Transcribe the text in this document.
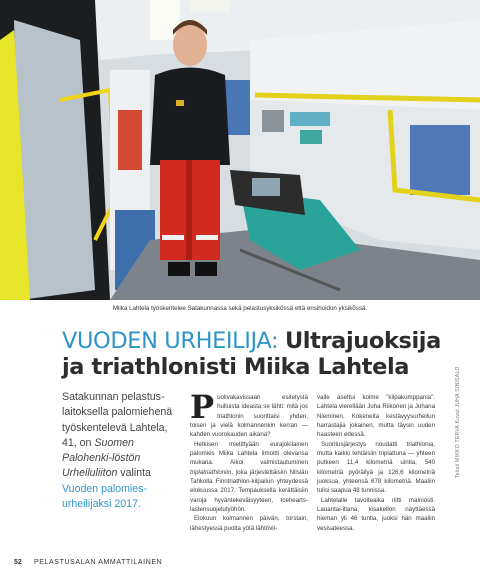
Miika Lahtela työskentelee Satakunnassa sekä pelastusyksikössä että ensihoidon yksikössä.
VUODEN URHEILIJA: Ultrajuoksija
ja triathlonisti Miika Lahtela
Satakunnan pelastus-laitoksella palomiehenä työskentelevä Lahtela, 41, on Suomen Palohenki-löstön Urheiluliiton valinta Vuoden palomies-urheilijaksi 2017.

Puolivakavissaan esitetystä hulluista ideasta se lähti: mitä jos triathlonin suorittaisi yhden, toisen ja vielä kolmannenkin kerran — kahden vuorokauden aikana?

Hetkisen mietittyään eurajokilainen palomies Miika Lahtela ilmoitti olevansa mukana. Aikoi valmistautuminen triplatriathloniin, joka järjestettäisiin Nilsiän Tahkolla Finntriathlon-kilpailun yhteydessä elokuussa 2017. Tempauksella kerättäisiin varoja hyväntekeväisyyteen, Icehearts-lastensuojelutyöhön.

Elokuun kolmannen päivän, torstain, lähestyessä puolta yötä lähtövii-

valle asettui kolme "kilpakumppania": Lahtela vierellään Juha Riikonen ja Juhana Nieminen. Kokeneita kestävyysurheilun harrastajia jokainen, mutta täysin uuden haasteen edessä.

Suoritusjärjestys noudatti triathlonia, mutta kaikki tehtäisiin triplattuna — yhteen putkeen 11,4 kilometriä uintia, 540 kilometriä pyöräilyä ja 126,6 kilometriä juoksua, yhteensä 678 kilometriä. Maaliin tulisi saapua 48 tunnissa.

Lahtelalle tavoiteaika riitti mainiosti. Lauantai-iltana, kisakellon näyttäessä hieman yli 46 tuntia, juoksi hän maaliin vesisateessa.

Teksti MIKKO TERVA Kuvat JUHA SINISALO
52 PELASTUSALAN AMMATTILAINEN
